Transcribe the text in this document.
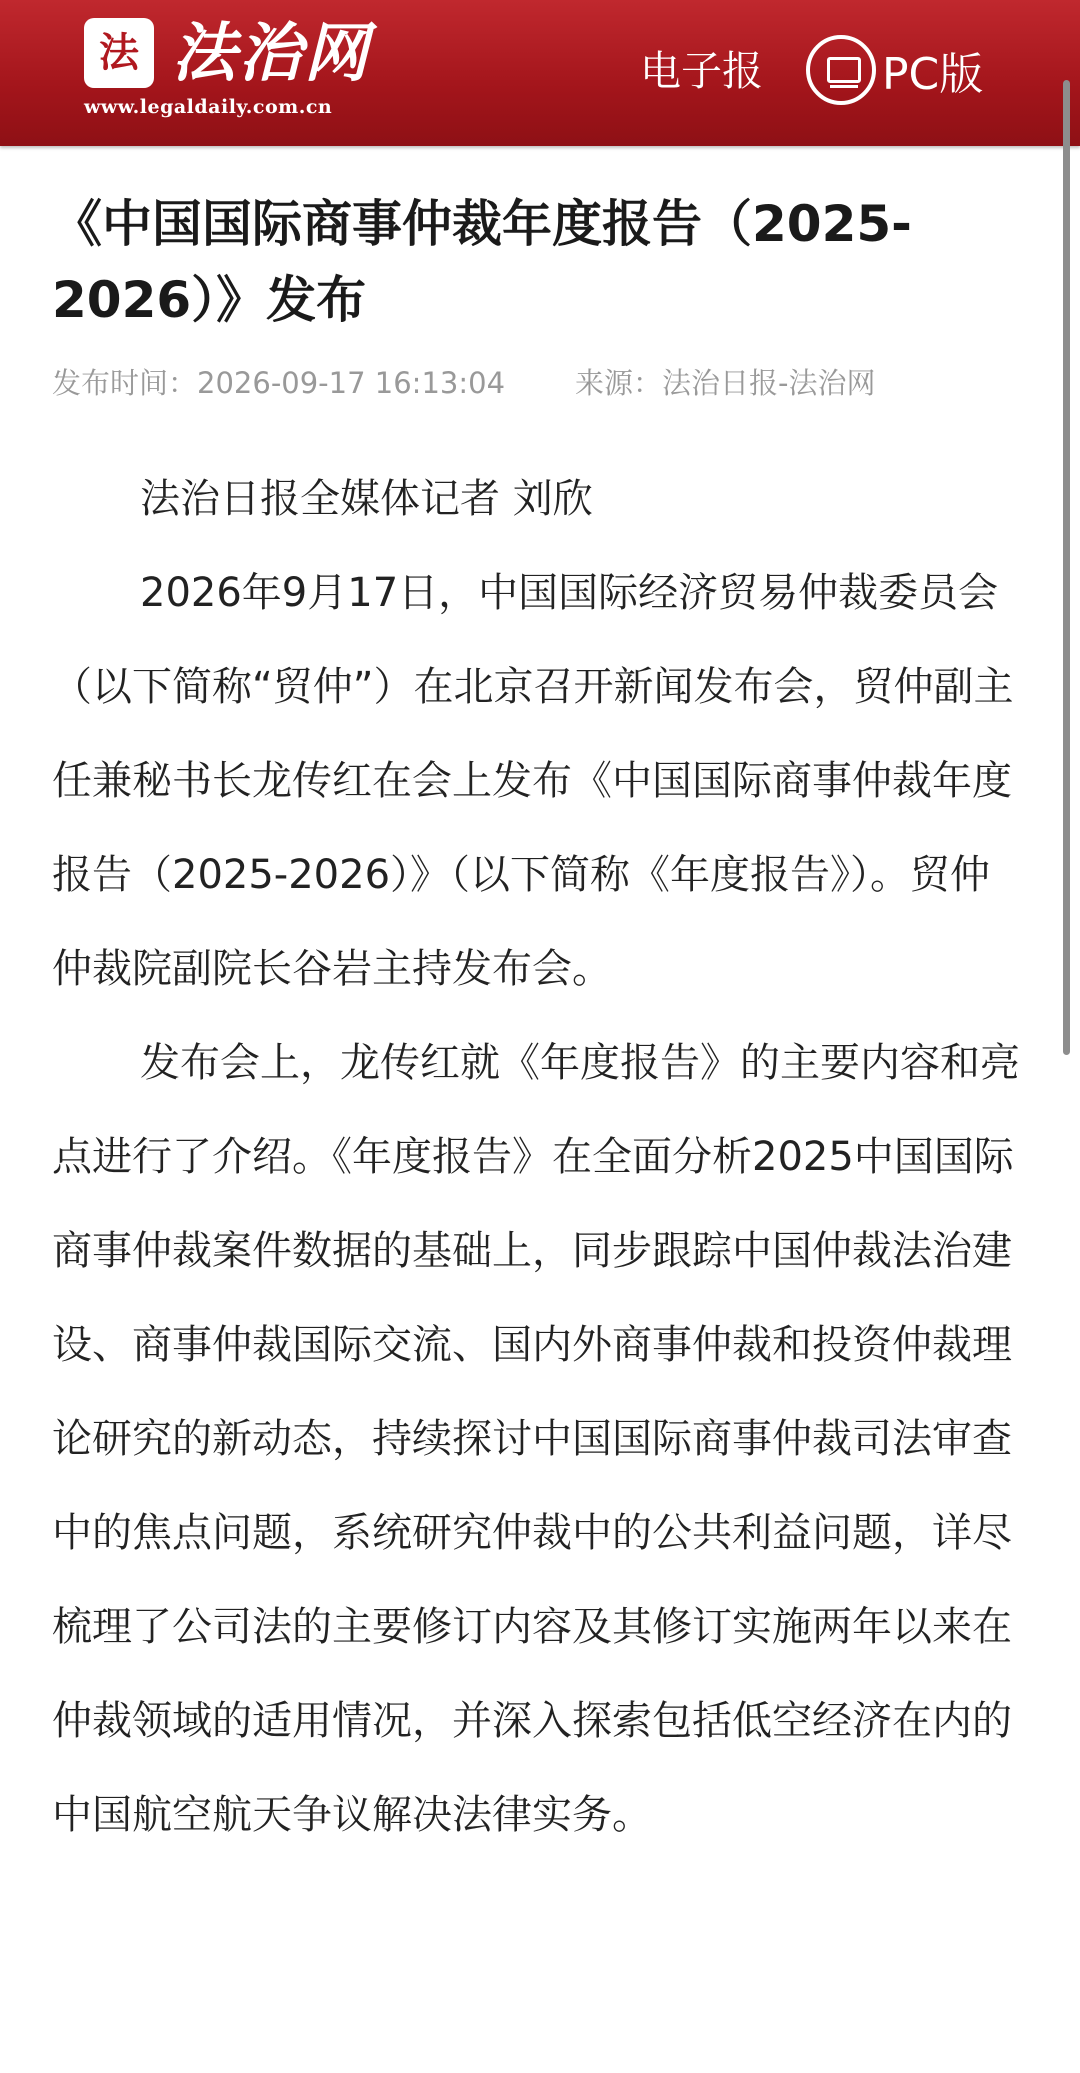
法 法治网
www.legaldaily.com.cn
电子报	PC版
《中国国际商事仲裁年度报告（2025-2026）》发布
发布时间：2026-09-17 16:13:04 来源：法治日报-法治网

法治日报全媒体记者 刘欣

2026年9月17日，中国国际经济贸易仲裁委员会（以下简称“贸仲”）在北京召开新闻发布会，贸仲副主任兼秘书长龙传红在会上发布《中国国际商事仲裁年度报告（2025-2026）》（以下简称《年度报告》）。贸仲仲裁院副院长谷岩主持发布会。

发布会上，龙传红就《年度报告》的主要内容和亮点进行了介绍。《年度报告》在全面分析2025中国国际商事仲裁案件数据的基础上，同步跟踪中国仲裁法治建设、商事仲裁国际交流、国内外商事仲裁和投资仲裁理论研究的新动态，持续探讨中国国际商事仲裁司法审查中的焦点问题，系统研究仲裁中的公共利益问题，详尽梳理了公司法的主要修订内容及其修订实施两年以来在仲裁领域的适用情况，并深入探索包括低空经济在内的中国航空航天争议解决法律实务。
